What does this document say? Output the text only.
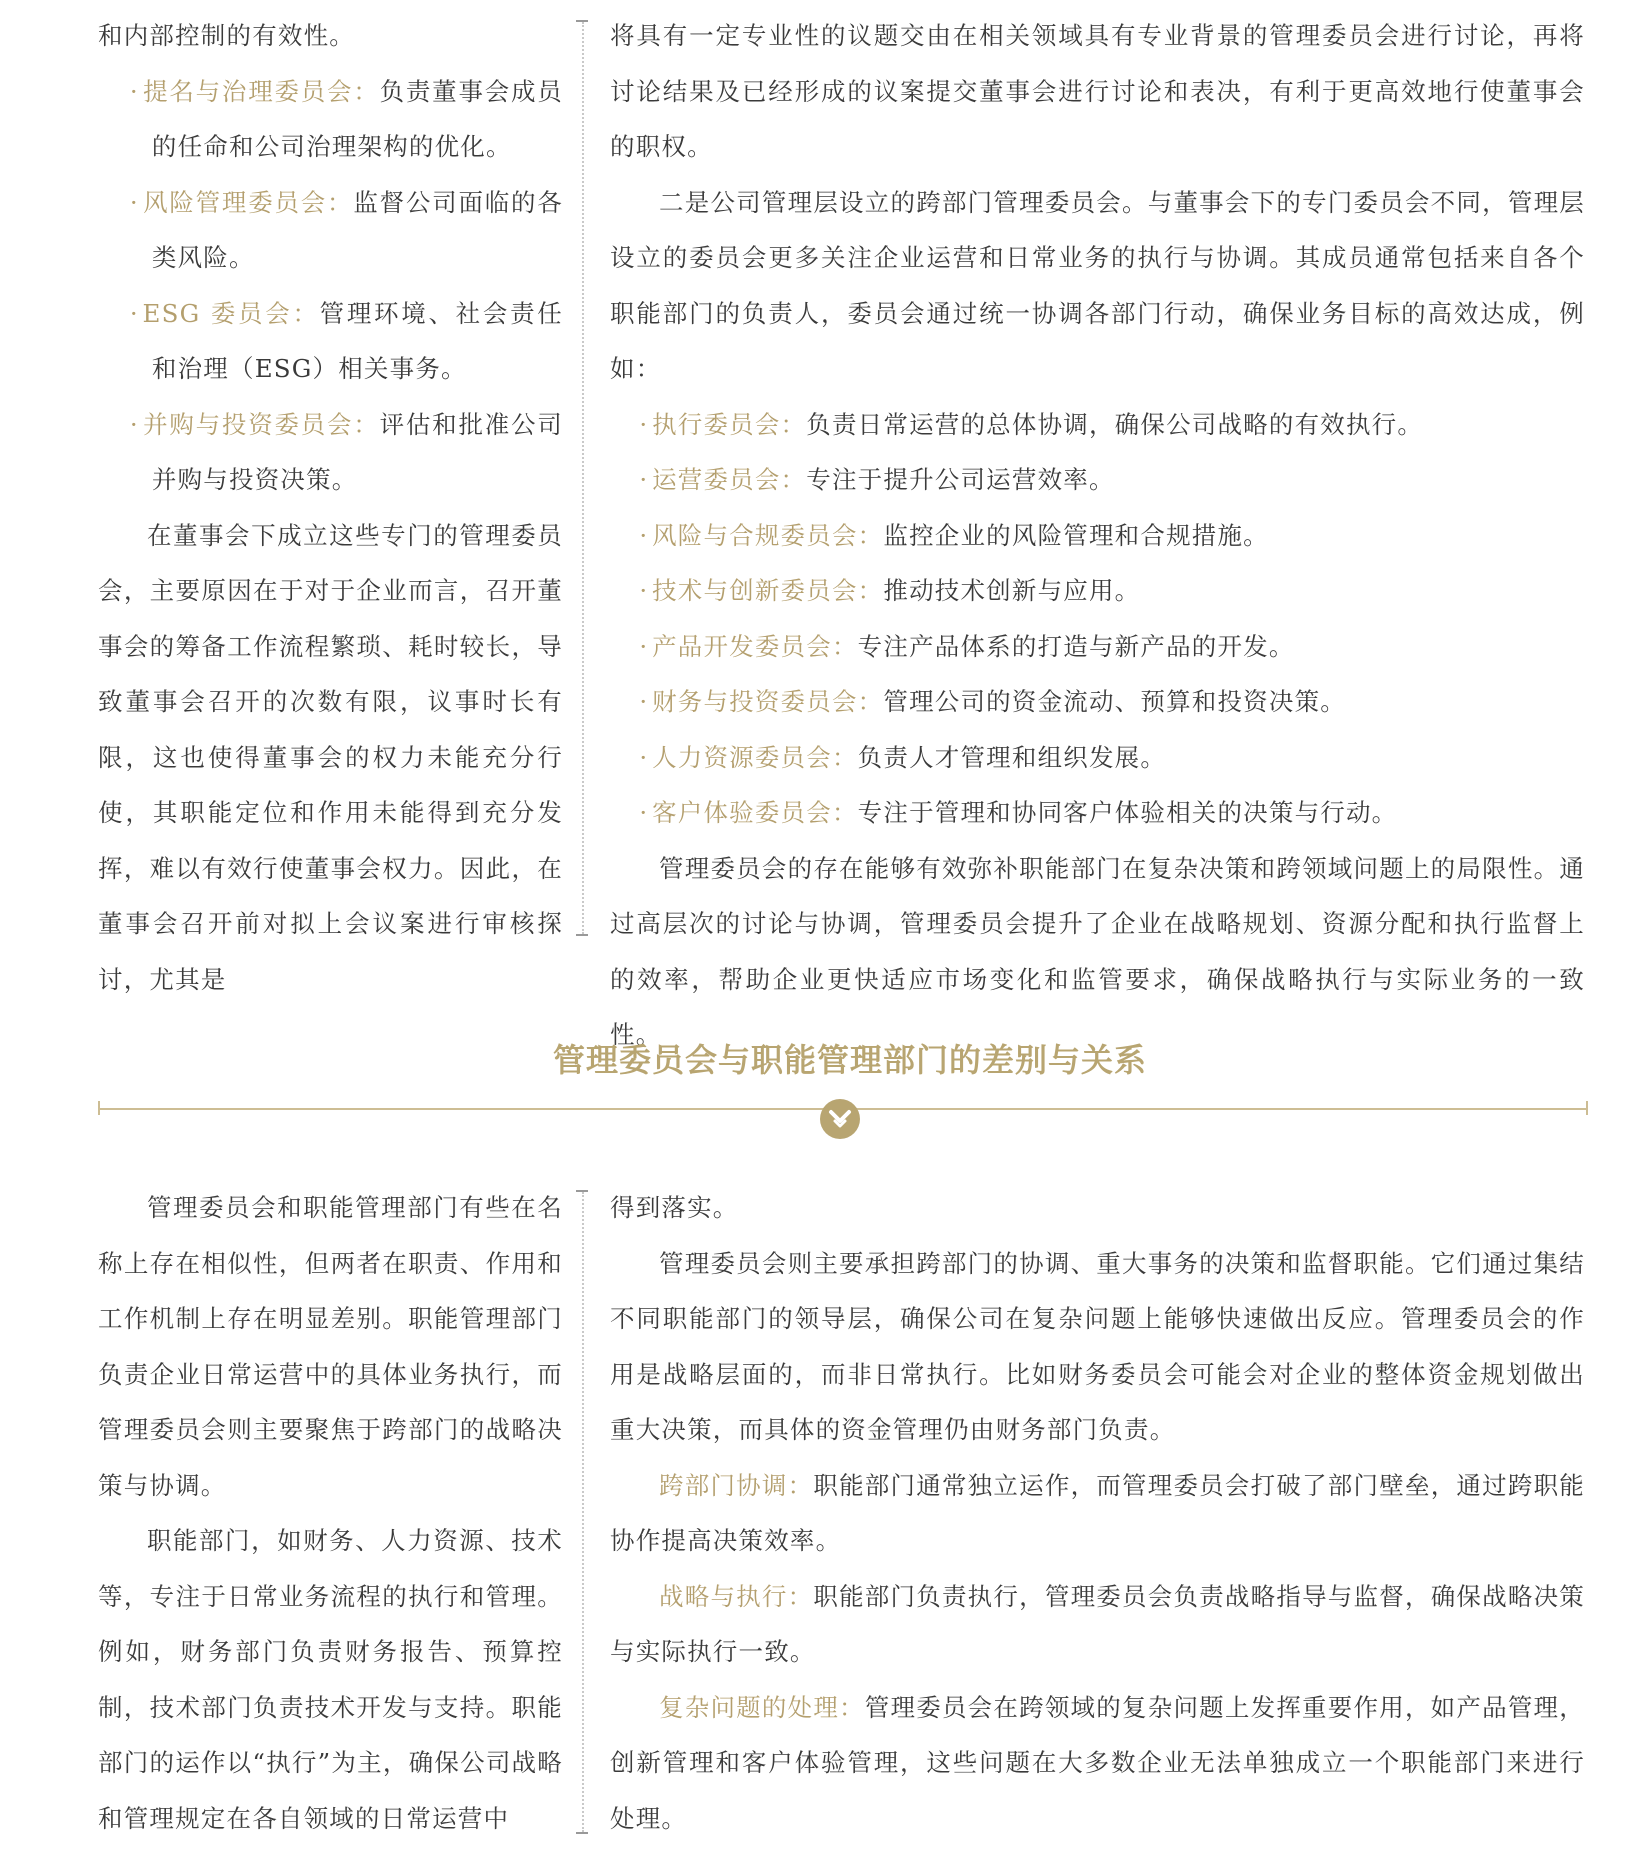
和内部控制的有效性。

· 提名与治理委员会：负责董事会成员的任命和公司治理架构的优化。

· 风险管理委员会：监督公司面临的各类风险。

· ESG 委员会：管理环境、社会责任和治理（ESG）相关事务。

· 并购与投资委员会：评估和批准公司并购与投资决策。

在董事会下成立这些专门的管理委员会，主要原因在于对于企业而言，召开董事会的筹备工作流程繁琐、耗时较长，导致董事会召开的次数有限，议事时长有限，这也使得董事会的权力未能充分行使，其职能定位和作用未能得到充分发挥，难以有效行使董事会权力。因此，在董事会召开前对拟上会议案进行审核探讨，尤其是

将具有一定专业性的议题交由在相关领域具有专业背景的管理委员会进行讨论，再将讨论结果及已经形成的议案提交董事会进行讨论和表决，有利于更高效地行使董事会的职权。

二是公司管理层设立的跨部门管理委员会。与董事会下的专门委员会不同，管理层设立的委员会更多关注企业运营和日常业务的执行与协调。其成员通常包括来自各个职能部门的负责人，委员会通过统一协调各部门行动，确保业务目标的高效达成，例如：

· 执行委员会：负责日常运营的总体协调，确保公司战略的有效执行。

· 运营委员会：专注于提升公司运营效率。

· 风险与合规委员会：监控企业的风险管理和合规措施。

· 技术与创新委员会：推动技术创新与应用。

· 产品开发委员会：专注产品体系的打造与新产品的开发。

· 财务与投资委员会：管理公司的资金流动、预算和投资决策。

· 人力资源委员会：负责人才管理和组织发展。

· 客户体验委员会：专注于管理和协同客户体验相关的决策与行动。

管理委员会的存在能够有效弥补职能部门在复杂决策和跨领域问题上的局限性。通过高层次的讨论与协调，管理委员会提升了企业在战略规划、资源分配和执行监督上的效率，帮助企业更快适应市场变化和监管要求，确保战略执行与实际业务的一致性。

管理委员会与职能管理部门的差别与关系

管理委员会和职能管理部门有些在名称上存在相似性，但两者在职责、作用和工作机制上存在明显差别。职能管理部门负责企业日常运营中的具体业务执行，而管理委员会则主要聚焦于跨部门的战略决策与协调。

职能部门，如财务、人力资源、技术等，专注于日常业务流程的执行和管理。例如，财务部门负责财务报告、预算控制，技术部门负责技术开发与支持。职能部门的运作以“执行”为主，确保公司战略和管理规定在各自领域的日常运营中

得到落实。

管理委员会则主要承担跨部门的协调、重大事务的决策和监督职能。它们通过集结不同职能部门的领导层，确保公司在复杂问题上能够快速做出反应。管理委员会的作用是战略层面的，而非日常执行。比如财务委员会可能会对企业的整体资金规划做出重大决策，而具体的资金管理仍由财务部门负责。

跨部门协调：职能部门通常独立运作，而管理委员会打破了部门壁垒，通过跨职能协作提高决策效率。

战略与执行：职能部门负责执行，管理委员会负责战略指导与监督，确保战略决策与实际执行一致。

复杂问题的处理：管理委员会在跨领域的复杂问题上发挥重要作用，如产品管理，创新管理和客户体验管理，这些问题在大多数企业无法单独成立一个职能部门来进行处理。
